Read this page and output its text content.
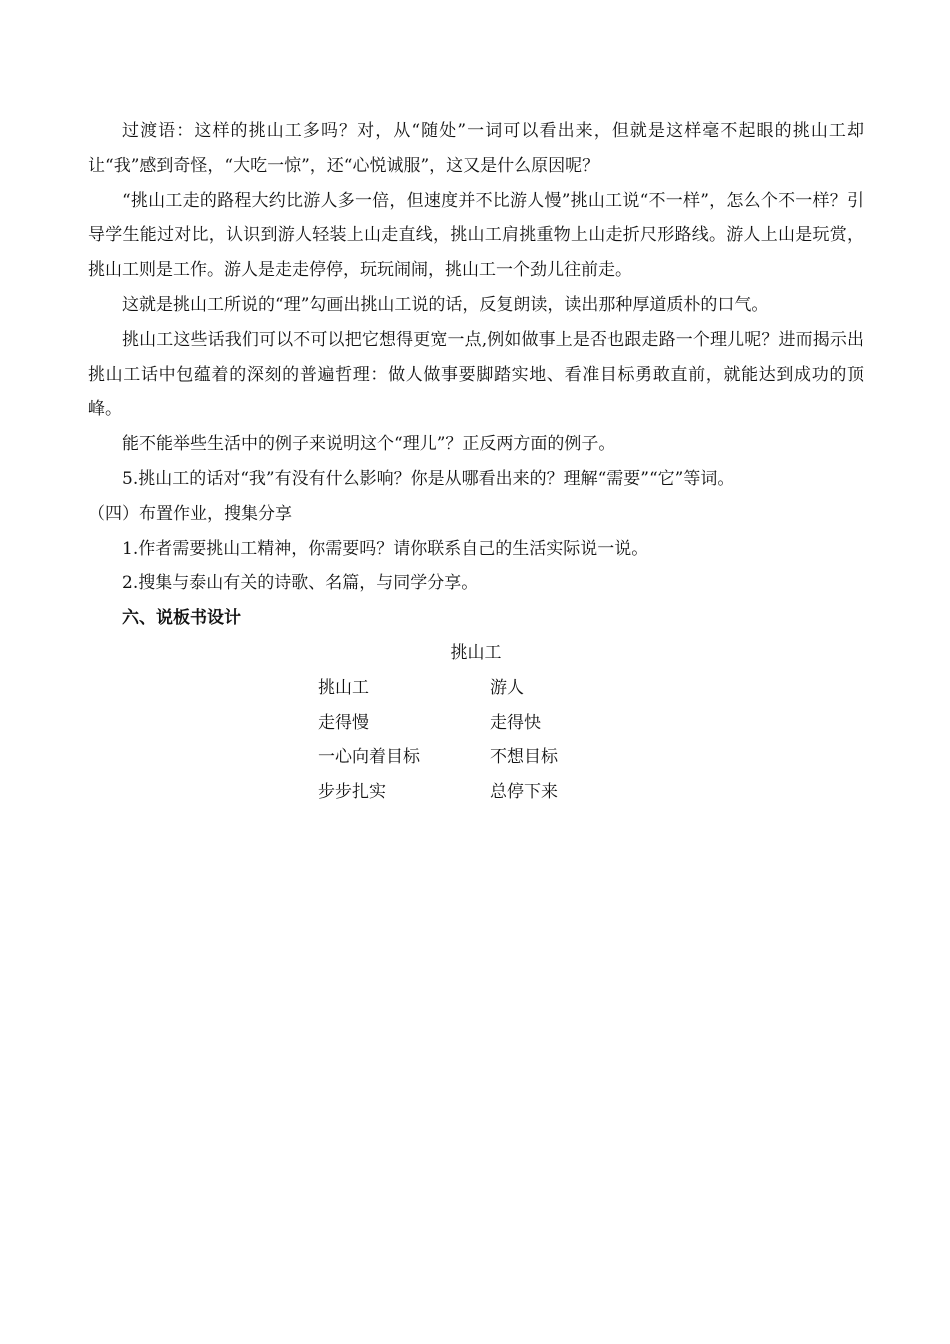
过渡语：这样的挑山工多吗？对，从“随处”一词可以看出来，但就是这样毫不起眼的挑山工却让“我”感到奇怪，“大吃一惊”，还“心悦诚服”，这又是什么原因呢？

“挑山工走的路程大约比游人多一倍，但速度并不比游人慢”挑山工说“不一样”，怎么个不一样？引导学生能过对比，认识到游人轻装上山走直线，挑山工肩挑重物上山走折尺形路线。游人上山是玩赏，挑山工则是工作。游人是走走停停，玩玩闹闹，挑山工一个劲儿往前走。

这就是挑山工所说的“理”勾画出挑山工说的话，反复朗读，读出那种厚道质朴的口气。

挑山工这些话我们可以不可以把它想得更宽一点,例如做事上是否也跟走路一个理儿呢？进而揭示出挑山工话中包蕴着的深刻的普遍哲理：做人做事要脚踏实地、看准目标勇敢直前，就能达到成功的顶峰。

能不能举些生活中的例子来说明这个“理儿”？正反两方面的例子。

5.挑山工的话对“我”有没有什么影响？你是从哪看出来的？理解“需要”“它”等词。

（四）布置作业，搜集分享

1.作者需要挑山工精神，你需要吗？请你联系自己的生活实际说一说。

2.搜集与泰山有关的诗歌、名篇，与同学分享。

六、说板书设计

挑山工
挑山工	游人
走得慢	走得快
一心向着目标	不想目标
步步扎实	总停下来
